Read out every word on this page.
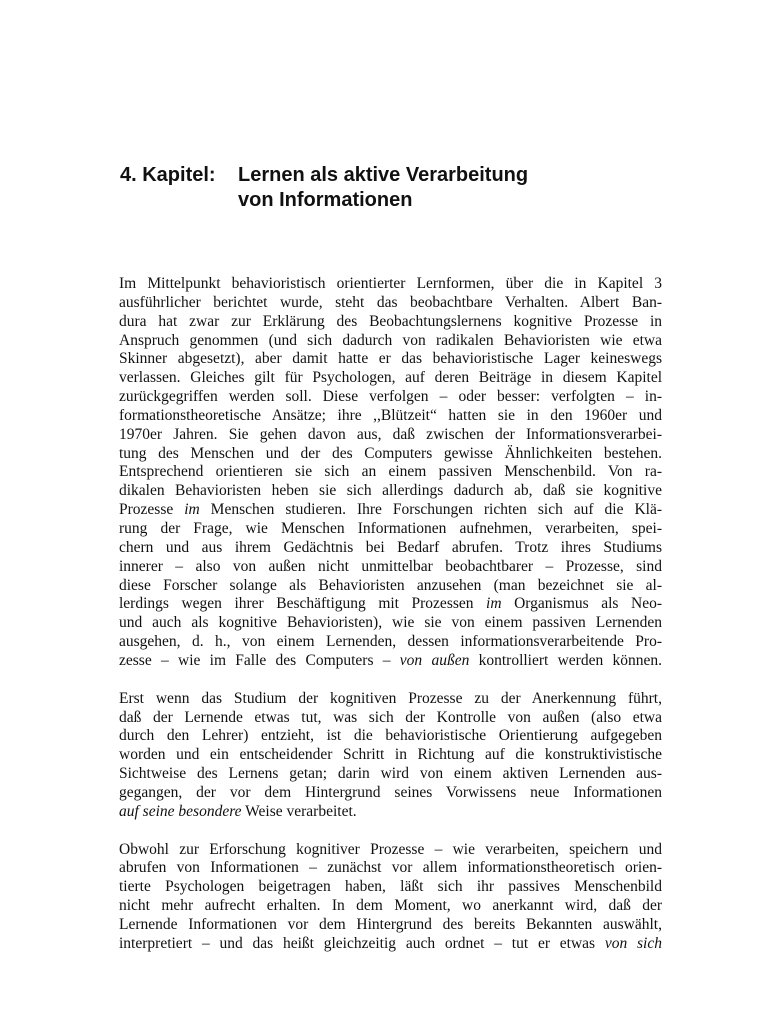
4. Kapitel:	Lernen als aktive Verarbeitung
von Informationen

Im Mittelpunkt behavioristisch orientierter Lernformen, über die in Kapitel 3
ausführlicher berichtet wurde, steht das beobachtbare Verhalten. Albert Ban-
dura hat zwar zur Erklärung des Beobachtungslernens kognitive Prozesse in
Anspruch genommen (und sich dadurch von radikalen Behavioristen wie etwa
Skinner abgesetzt), aber damit hatte er das behavioristische Lager keineswegs
verlassen. Gleiches gilt für Psychologen, auf deren Beiträge in diesem Kapitel
zurückgegriffen werden soll. Diese verfolgen – oder besser: verfolgten – in-
formationstheoretische Ansätze; ihre ,,Blützeit“ hatten sie in den 1960er und
1970er Jahren. Sie gehen davon aus, daß zwischen der Informationsverarbei-
tung des Menschen und der des Computers gewisse Ähnlichkeiten bestehen.
Entsprechend orientieren sie sich an einem passiven Menschenbild. Von ra-
dikalen Behavioristen heben sie sich allerdings dadurch ab, daß sie kognitive
Prozesse im Menschen studieren. Ihre Forschungen richten sich auf die Klä-
rung der Frage, wie Menschen Informationen aufnehmen, verarbeiten, spei-
chern und aus ihrem Gedächtnis bei Bedarf abrufen. Trotz ihres Studiums
innerer – also von außen nicht unmittelbar beobachtbarer – Prozesse, sind
diese Forscher solange als Behavioristen anzusehen (man bezeichnet sie al-
lerdings wegen ihrer Beschäftigung mit Prozessen im Organismus als Neo-
und auch als kognitive Behavioristen), wie sie von einem passiven Lernenden
ausgehen, d. h., von einem Lernenden, dessen informationsverarbeitende Pro-
zesse – wie im Falle des Computers – von außen kontrolliert werden können.

Erst wenn das Studium der kognitiven Prozesse zu der Anerkennung führt,
daß der Lernende etwas tut, was sich der Kontrolle von außen (also etwa
durch den Lehrer) entzieht, ist die behavioristische Orientierung aufgegeben
worden und ein entscheidender Schritt in Richtung auf die konstruktivistische
Sichtweise des Lernens getan; darin wird von einem aktiven Lernenden aus-
gegangen, der vor dem Hintergrund seines Vorwissens neue Informationen
auf seine besondere Weise verarbeitet.

Obwohl zur Erforschung kognitiver Prozesse – wie verarbeiten, speichern und
abrufen von Informationen – zunächst vor allem informationstheoretisch orien-
tierte Psychologen beigetragen haben, läßt sich ihr passives Menschenbild
nicht mehr aufrecht erhalten. In dem Moment, wo anerkannt wird, daß der
Lernende Informationen vor dem Hintergrund des bereits Bekannten auswählt,
interpretiert – und das heißt gleichzeitig auch ordnet – tut er etwas von sich
